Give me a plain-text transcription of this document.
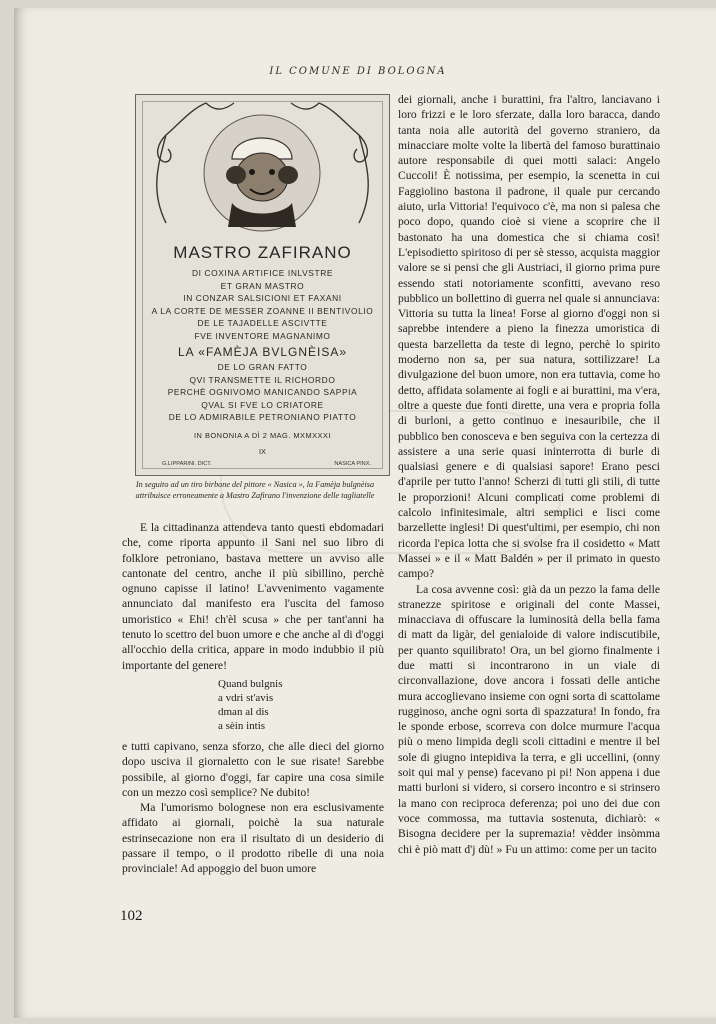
IL COMUNE DI BOLOGNA
MASTRO ZAFIRANO
DI COXINA ARTIFICE INLVSTRE
ET GRAN MASTRO
IN CONZAR SALSICIONI ET FAXANI
A LA CORTE DE MESSER ZOANNE II BENTIVOLIO
DE LE TAJADELLE ASCIVTTE
FVE INVENTORE MAGNANIMO
LA «FAMÈJA BVLGNÈISA»
DE LO GRAN FATTO
QVI TRANSMETTE IL RICHORDO
PERCHÈ OGNIVOMO MANICANDO SAPPIA
QVAL SI FVE LO CRIATORE
DE LO ADMIRABILE PETRONIANO PIATTO
IN BONONIA A DÌ 2 MAG. MXMXXXI
IX
G.LIPPARINI. DICT.	NASICA PINX.
In seguito ad un tiro birbone del pittore « Nasica », la Famèja bulgnèisa attribuisce erroneamente a Mastro Zafirano l'invenzione delle tagliatelle

E la cittadinanza attendeva tanto questi ebdomadari che, come riporta appunto il Sani nel suo libro di folklore petroniano, bastava mettere un avviso alle cantonate del centro, anche il più sibillino, perchè ognuno capisse il latino! L'avvenimento vagamente annunciato dal manifesto era l'uscita del famoso umoristico « Ehi! ch'èl scusa » che per tant'anni ha tenuto lo scettro del buon umore e che anche al di d'oggi all'occhio della critica, appare in modo indubbio il più importante del genere!

Quand bulgnis
a vdri st'avis
dman al dis
a sèin intis

e tutti capivano, senza sforzo, che alle dieci del giorno dopo usciva il giornaletto con le sue risate! Sarebbe possibile, al giorno d'oggi, far capire una cosa simile con un mezzo così semplice? Ne dubito!

Ma l'umorismo bolognese non era esclusivamente affidato ai giornali, poichè la sua naturale estrinsecazione non era il risultato di un desiderio di passare il tempo, o il prodotto ribelle di una noia provinciale! Ad appoggio del buon umore

dei giornali, anche i burattini, fra l'altro, lanciavano i loro frizzi e le loro sferzate, dalla loro baracca, dando tanta noia alle autorità del governo straniero, da minacciare molte volte la libertà del famoso burattinaio autore responsabile di quei motti salaci: Angelo Cuccoli! È notissima, per esempio, la scenetta in cui Faggiolino bastona il padrone, il quale pur cercando aiuto, urla Vittoria! l'equivoco c'è, ma non si palesa che poco dopo, quando cioè si viene a scoprire che il bastonato ha una domestica che si chiama così! L'episodietto spiritoso di per sè stesso, acquista maggior valore se si pensi che gli Austriaci, il giorno prima pure essendo stati notoriamente sconfitti, avevano reso pubblico un bollettino di guerra nel quale si annunciava: Vittoria su tutta la linea! Forse al giorno d'oggi non si saprebbe intendere a pieno la finezza umoristica di questa barzelletta da teste di legno, perchè lo spirito moderno non sa, per sua natura, sottilizzare! La divulgazione del buon umore, non era tuttavia, come ho detto, affidata solamente ai fogli e ai burattini, ma v'era, oltre a queste due fonti dirette, una vera e propria folla di burloni, a getto continuo e inesauribile, che il pubblico ben conosceva e ben seguiva con la certezza di assistere a una serie quasi ininterrotta di burle di qualsiasi genere e di qualsiasi sapore! Erano pesci d'aprile per tutto l'anno! Scherzi di tutti gli stili, di tutte le proporzioni! Alcuni complicati come problemi di calcolo infinitesimale, altri semplici e lisci come barzellette inglesi! Di quest'ultimi, per esempio, chi non ricorda l'epica lotta che si svolse fra il cosidetto « Matt Massei » e il « Matt Baldén » per il primato in questo campo?

La cosa avvenne così: già da un pezzo la fama delle stranezze spiritose e originali del conte Massei, minacciava di offuscare la luminosità della bella fama di matt da ligàr, del genialoide di valore indiscutibile, per quanto squilibrato! Ora, un bel giorno finalmente i due matti si incontrarono in un viale di circonvallazione, dove ancora i fossati delle antiche mura accoglievano insieme con ogni sorta di scattolame rugginoso, anche ogni sorta di spazzatura! In fondo, fra le sponde erbose, scorreva con dolce murmure l'acqua più o meno limpida degli scoli cittadini e mentre il bel sole di giugno intepidiva la terra, e gli uccellini, (onny soit qui mal y pense) facevano pi pi! Non appena i due matti burloni si videro, si corsero incontro e si strinsero la mano con reciproca deferenza; poi uno dei due con voce commossa, ma tuttavia sostenuta, dichiarò: « Bisogna decidere per la supremazia! vèdder insòmma chi è piò matt d'j dù! » Fu un attimo: come per un tacito

102
